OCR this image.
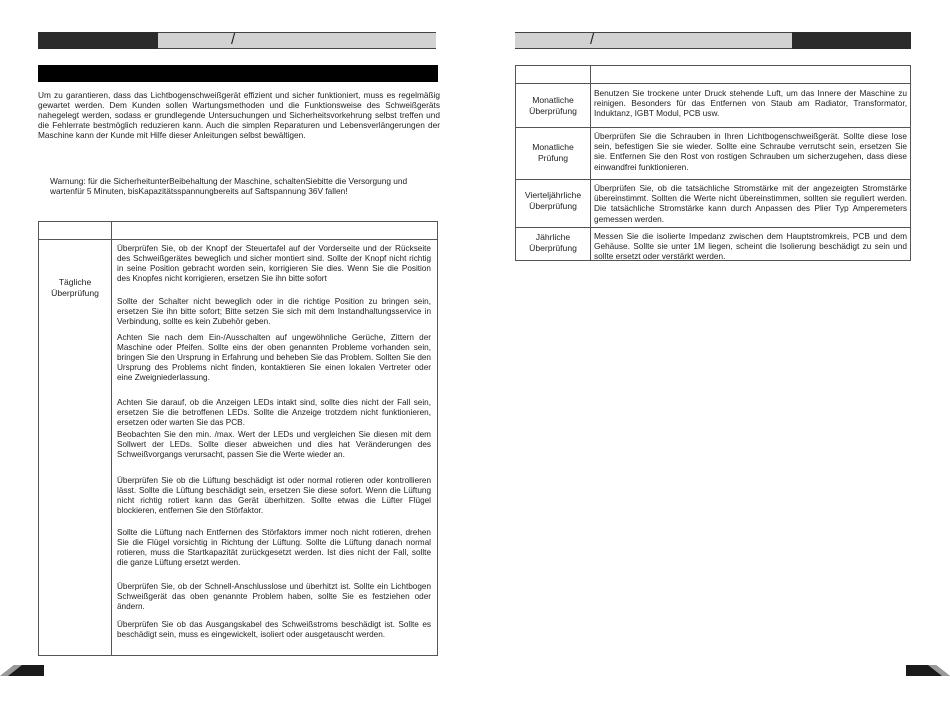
/	/
Um zu garantieren, dass das Lichtbogenschweißgerät effizient und sicher funktioniert, muss es regelmäßig gewartet werden. Dem Kunden sollen Wartungsmethoden und die Funktionsweise des Schweißgeräts nahegelegt werden, sodass er grundlegende Untersuchungen und Sicherheitsvorkehrung selbst treffen und die Fehlerrate bestmöglich reduzieren kann. Auch die simplen Reparaturen und Lebensverlängerungen der Maschine kann der Kunde mit Hilfe dieser Anleitungen selbst bewältigen.
Warnung: für die SicherheitunterBeibehaltung der Maschine, schaltenSiebitte die Versorgung und wartenfür 5 Minuten, bisKapazitätsspannungbereits auf Saftspannung 36V fallen!
Tägliche Überprüfung
Überprüfen Sie, ob der Knopf der Steuertafel auf der Vorderseite und der Rückseite des Schweißgerätes beweglich und sicher montiert sind. Sollte der Knopf nicht richtig in seine Position gebracht worden sein, korrigieren Sie dies. Wenn Sie die Position des Knopfes nicht korrigieren, ersetzen Sie ihn bitte sofort
Sollte der Schalter nicht beweglich oder in die richtige Position zu bringen sein, ersetzen Sie ihn bitte sofort; Bitte setzen Sie sich mit dem Instandhaltungsservice in Verbindung, sollte es kein Zubehör geben.
Achten Sie nach dem Ein-/Ausschalten auf ungewöhnliche Gerüche, Zittern der Maschine oder Pfeifen. Sollte eins der oben genannten Probleme vorhanden sein, bringen Sie den Ursprung in Erfahrung und beheben Sie das Problem. Sollten Sie den Ursprung des Problems nicht finden, kontaktieren Sie einen lokalen Vertreter oder eine Zweigniederlassung.
Achten Sie darauf, ob die Anzeigen LEDs intakt sind, sollte dies nicht der Fall sein, ersetzen Sie die betroffenen LEDs. Sollte die Anzeige trotzdem nicht funktionieren, ersetzen oder warten Sie das PCB.
Beobachten Sie den min. /max. Wert der LEDs und vergleichen Sie diesen mit dem Sollwert der LEDs. Sollte dieser abweichen und dies hat Veränderungen des Schweißvorgangs verursacht, passen Sie die Werte wieder an.
Überprüfen Sie ob die Lüftung beschädigt ist oder normal rotieren oder kontrollieren lässt. Sollte die Lüftung beschädigt sein, ersetzen Sie diese sofort. Wenn die Lüftung nicht richtig rotiert kann das Gerät überhitzen. Sollte etwas die Lüfter Flügel blockieren, entfernen Sie den Störfaktor.
Sollte die Lüftung nach Entfernen des Störfaktors immer noch nicht rotieren, drehen Sie die Flügel vorsichtig in Richtung der Lüftung. Sollte die Lüftung danach normal rotieren, muss die Startkapazität zurückgesetzt werden. Ist dies nicht der Fall, sollte die ganze Lüftung ersetzt werden.
Überprüfen Sie, ob der Schnell-Anschlusslose und überhitzt ist. Sollte ein Lichtbogen Schweißgerät das oben genannte Problem haben, sollte Sie es festziehen oder ändern.
Überprüfen Sie ob das Ausgangskabel des Schweißstroms beschädigt ist. Sollte es beschädigt sein, muss es eingewickelt, isoliert oder ausgetauscht werden.
Monatliche Überprüfung
Benutzen Sie trockene unter Druck stehende Luft, um das Innere der Maschine zu reinigen. Besonders für das Entfernen von Staub am Radiator, Transformator, Induktanz, IGBT Modul, PCB usw.
Monatliche Prüfung
Überprüfen Sie die Schrauben in Ihren Lichtbogenschweißgerät. Sollte diese lose sein, befestigen Sie sie wieder. Sollte eine Schraube verrutscht sein, ersetzen Sie sie. Entfernen Sie den Rost von rostigen Schrauben um sicherzugehen, dass diese einwandfrei funktionieren.
Vierteljährliche Überprüfung
Überprüfen Sie, ob die tatsächliche Stromstärke mit der angezeigten Stromstärke übereinstimmt. Sollten die Werte nicht übereinstimmen, sollten sie reguliert werden. Die tatsächliche Stromstärke kann durch Anpassen des Plier Typ Amperemeters gemessen werden.
Jährliche Überprüfung
Messen Sie die isolierte Impedanz zwischen dem Hauptstromkreis, PCB und dem Gehäuse. Sollte sie unter 1M liegen, scheint die Isolierung beschädigt zu sein und sollte ersetzt oder verstärkt werden.
